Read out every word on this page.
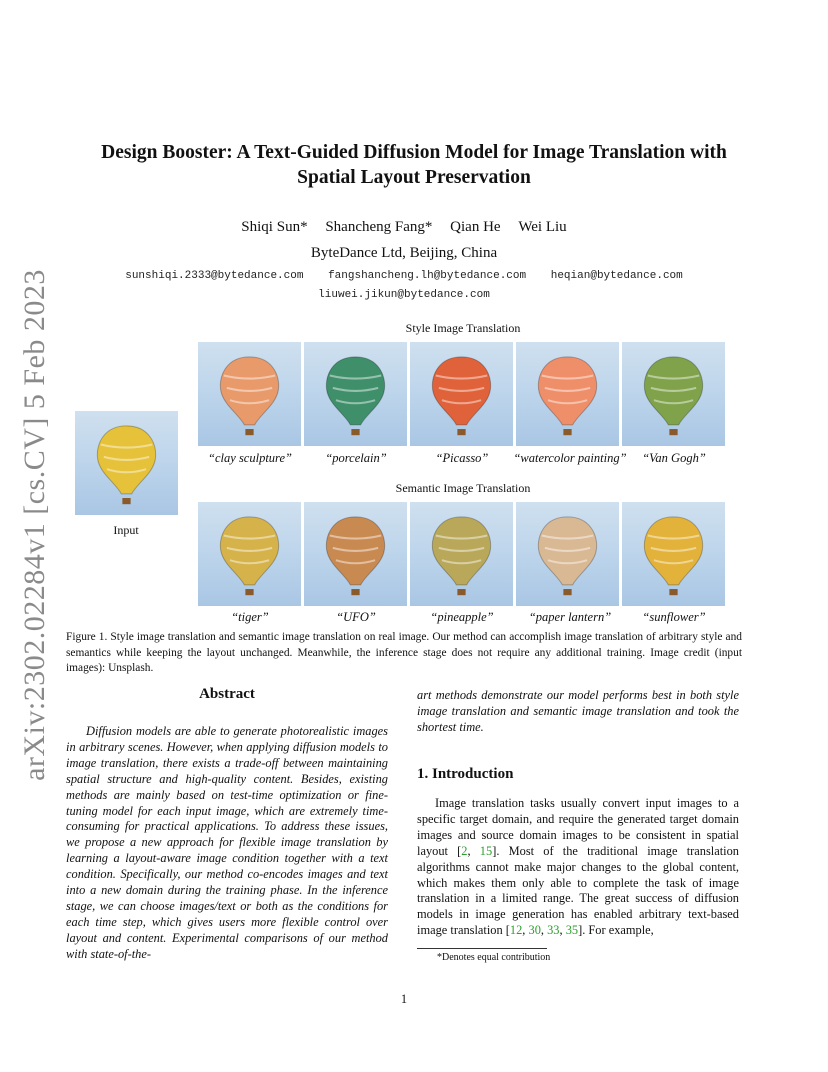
arXiv:2302.02284v1 [cs.CV] 5 Feb 2023
Design Booster: A Text-Guided Diffusion Model for Image Translation with
Spatial Layout Preservation
Shiqi Sun* Shancheng Fang* Qian He Wei Liu
ByteDance Ltd, Beijing, China
sunshiqi.2333@bytedance.com fangshancheng.lh@bytedance.com heqian@bytedance.com
liuwei.jikun@bytedance.com
Style Image Translation
Semantic Image Translation
Input
“clay sculpture”	“porcelain”	“Picasso”	“watercolor painting”	“Van Gogh”
“tiger”	“UFO”	“pineapple”	“paper lantern”	“sunflower”
Figure 1. Style image translation and semantic image translation on real image. Our method can accomplish image translation of arbitrary style and semantics while keeping the layout unchanged. Meanwhile, the inference stage does not require any additional training. Image credit (input images): Unsplash.
Abstract
Diffusion models are able to generate photorealistic images in arbitrary scenes. However, when applying diffusion models to image translation, there exists a trade-off between maintaining spatial structure and high-quality content. Besides, existing methods are mainly based on test-time optimization or fine-tuning model for each input image, which are extremely time-consuming for practical applications. To address these issues, we propose a new approach for flexible image translation by learning a layout-aware image condition together with a text condition. Specifically, our method co-encodes images and text into a new domain during the training phase. In the inference stage, we can choose images/text or both as the conditions for each time step, which gives users more flexible control over layout and content. Experimental comparisons of our method with state-of-the-
art methods demonstrate our model performs best in both style image translation and semantic image translation and took the shortest time.
1. Introduction
Image translation tasks usually convert input images to a specific target domain, and require the generated target domain images and source domain images to be consistent in spatial layout [2, 15]. Most of the traditional image translation algorithms cannot make major changes to the global content, which makes them only able to complete the task of image translation in a limited range. The great success of diffusion models in image generation has enabled arbitrary text-based image translation [12, 30, 33, 35]. For example,
*Denotes equal contribution
1
